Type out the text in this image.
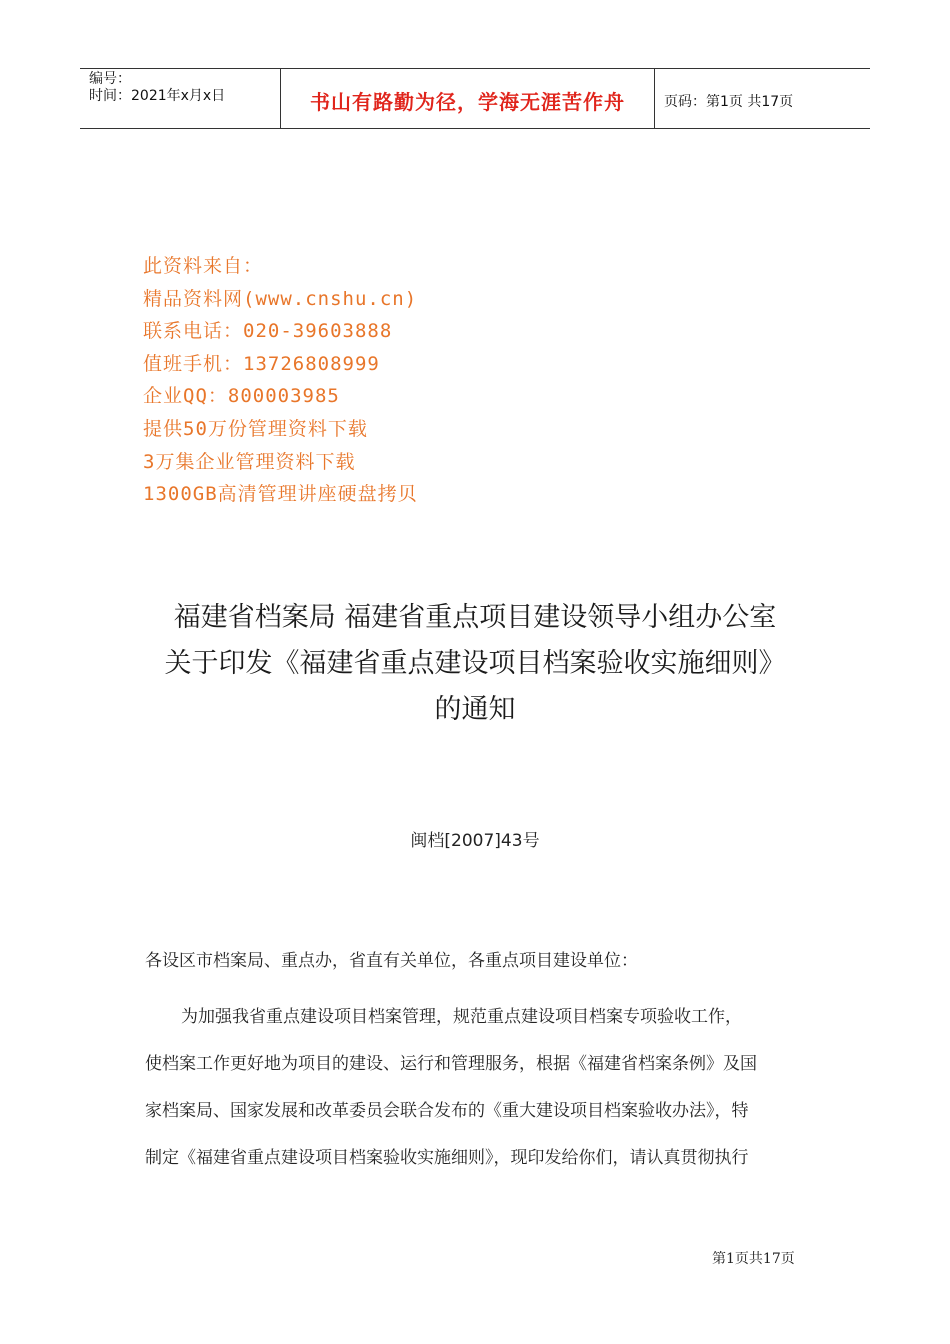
编号：
时间：2021年x月x日	书山有路勤为径，学海无涯苦作舟	页码：第1页 共17页
此资料来自：
精品资料网(www.cnshu.cn)
联系电话：020-39603888
值班手机：13726808999
企业QQ：800003985
提供50万份管理资料下载
3万集企业管理资料下载
1300GB高清管理讲座硬盘拷贝
福建省档案局 福建省重点项目建设领导小组办公室
关于印发《福建省重点建设项目档案验收实施细则》
的通知
闽档[2007]43号
各设区市档案局、重点办，省直有关单位，各重点项目建设单位：
为加强我省重点建设项目档案管理，规范重点建设项目档案专项验收工作，
使档案工作更好地为项目的建设、运行和管理服务，根据《福建省档案条例》及国
家档案局、国家发展和改革委员会联合发布的《重大建设项目档案验收办法》，特
制定《福建省重点建设项目档案验收实施细则》，现印发给你们，请认真贯彻执行
第1页共17页
